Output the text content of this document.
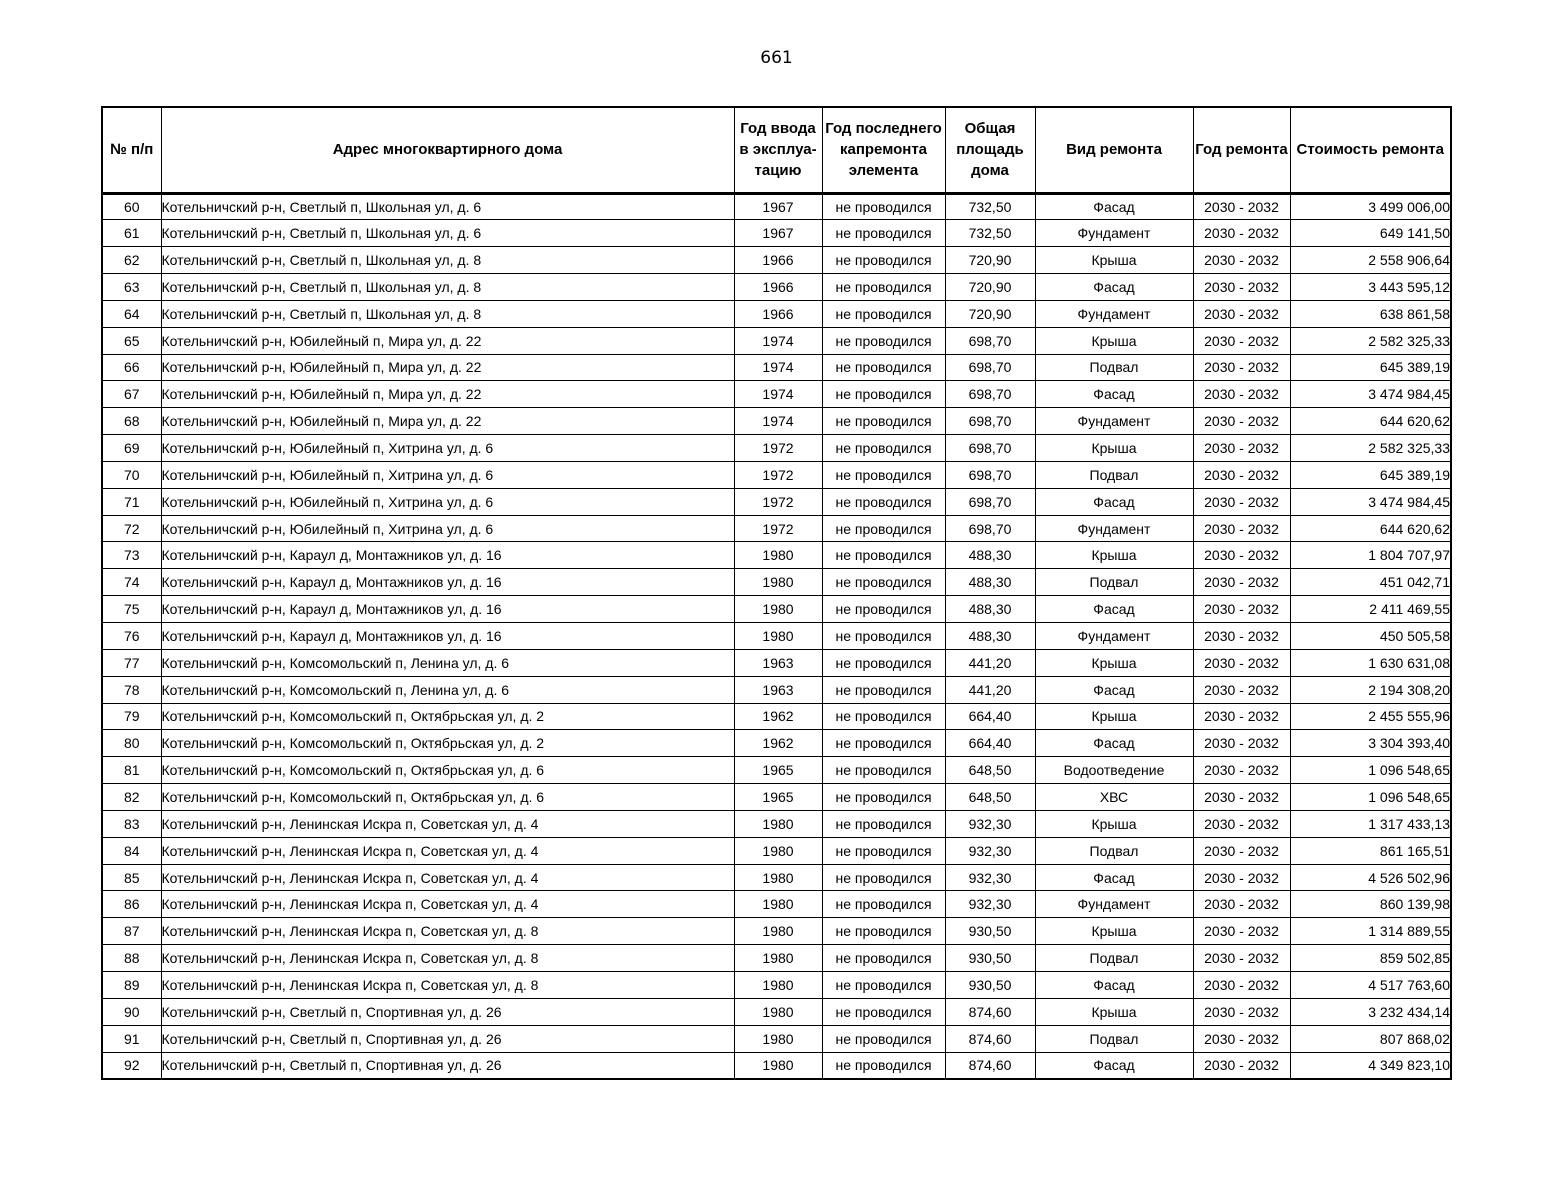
661
№ п/п	Адрес многоквартирного дома	Год ввода в эксплуа-тацию	Год последнего капремонта элемента	Общая площадь дома	Вид ремонта	Год ремонта	Стоимость ремонта
60	Котельничский р-н, Светлый п, Школьная ул, д. 6	1967	не проводился	732,50	Фасад	2030 - 2032	3 499 006,00
61	Котельничский р-н, Светлый п, Школьная ул, д. 6	1967	не проводился	732,50	Фундамент	2030 - 2032	649 141,50
62	Котельничский р-н, Светлый п, Школьная ул, д. 8	1966	не проводился	720,90	Крыша	2030 - 2032	2 558 906,64
63	Котельничский р-н, Светлый п, Школьная ул, д. 8	1966	не проводился	720,90	Фасад	2030 - 2032	3 443 595,12
64	Котельничский р-н, Светлый п, Школьная ул, д. 8	1966	не проводился	720,90	Фундамент	2030 - 2032	638 861,58
65	Котельничский р-н, Юбилейный п, Мира ул, д. 22	1974	не проводился	698,70	Крыша	2030 - 2032	2 582 325,33
66	Котельничский р-н, Юбилейный п, Мира ул, д. 22	1974	не проводился	698,70	Подвал	2030 - 2032	645 389,19
67	Котельничский р-н, Юбилейный п, Мира ул, д. 22	1974	не проводился	698,70	Фасад	2030 - 2032	3 474 984,45
68	Котельничский р-н, Юбилейный п, Мира ул, д. 22	1974	не проводился	698,70	Фундамент	2030 - 2032	644 620,62
69	Котельничский р-н, Юбилейный п, Хитрина ул, д. 6	1972	не проводился	698,70	Крыша	2030 - 2032	2 582 325,33
70	Котельничский р-н, Юбилейный п, Хитрина ул, д. 6	1972	не проводился	698,70	Подвал	2030 - 2032	645 389,19
71	Котельничский р-н, Юбилейный п, Хитрина ул, д. 6	1972	не проводился	698,70	Фасад	2030 - 2032	3 474 984,45
72	Котельничский р-н, Юбилейный п, Хитрина ул, д. 6	1972	не проводился	698,70	Фундамент	2030 - 2032	644 620,62
73	Котельничский р-н, Караул д, Монтажников ул, д. 16	1980	не проводился	488,30	Крыша	2030 - 2032	1 804 707,97
74	Котельничский р-н, Караул д, Монтажников ул, д. 16	1980	не проводился	488,30	Подвал	2030 - 2032	451 042,71
75	Котельничский р-н, Караул д, Монтажников ул, д. 16	1980	не проводился	488,30	Фасад	2030 - 2032	2 411 469,55
76	Котельничский р-н, Караул д, Монтажников ул, д. 16	1980	не проводился	488,30	Фундамент	2030 - 2032	450 505,58
77	Котельничский р-н, Комсомольский п, Ленина ул, д. 6	1963	не проводился	441,20	Крыша	2030 - 2032	1 630 631,08
78	Котельничский р-н, Комсомольский п, Ленина ул, д. 6	1963	не проводился	441,20	Фасад	2030 - 2032	2 194 308,20
79	Котельничский р-н, Комсомольский п, Октябрьская ул, д. 2	1962	не проводился	664,40	Крыша	2030 - 2032	2 455 555,96
80	Котельничский р-н, Комсомольский п, Октябрьская ул, д. 2	1962	не проводился	664,40	Фасад	2030 - 2032	3 304 393,40
81	Котельничский р-н, Комсомольский п, Октябрьская ул, д. 6	1965	не проводился	648,50	Водоотведение	2030 - 2032	1 096 548,65
82	Котельничский р-н, Комсомольский п, Октябрьская ул, д. 6	1965	не проводился	648,50	ХВС	2030 - 2032	1 096 548,65
83	Котельничский р-н, Ленинская Искра п, Советская ул, д. 4	1980	не проводился	932,30	Крыша	2030 - 2032	1 317 433,13
84	Котельничский р-н, Ленинская Искра п, Советская ул, д. 4	1980	не проводился	932,30	Подвал	2030 - 2032	861 165,51
85	Котельничский р-н, Ленинская Искра п, Советская ул, д. 4	1980	не проводился	932,30	Фасад	2030 - 2032	4 526 502,96
86	Котельничский р-н, Ленинская Искра п, Советская ул, д. 4	1980	не проводился	932,30	Фундамент	2030 - 2032	860 139,98
87	Котельничский р-н, Ленинская Искра п, Советская ул, д. 8	1980	не проводился	930,50	Крыша	2030 - 2032	1 314 889,55
88	Котельничский р-н, Ленинская Искра п, Советская ул, д. 8	1980	не проводился	930,50	Подвал	2030 - 2032	859 502,85
89	Котельничский р-н, Ленинская Искра п, Советская ул, д. 8	1980	не проводился	930,50	Фасад	2030 - 2032	4 517 763,60
90	Котельничский р-н, Светлый п, Спортивная ул, д. 26	1980	не проводился	874,60	Крыша	2030 - 2032	3 232 434,14
91	Котельничский р-н, Светлый п, Спортивная ул, д. 26	1980	не проводился	874,60	Подвал	2030 - 2032	807 868,02
92	Котельничский р-н, Светлый п, Спортивная ул, д. 26	1980	не проводился	874,60	Фасад	2030 - 2032	4 349 823,10
